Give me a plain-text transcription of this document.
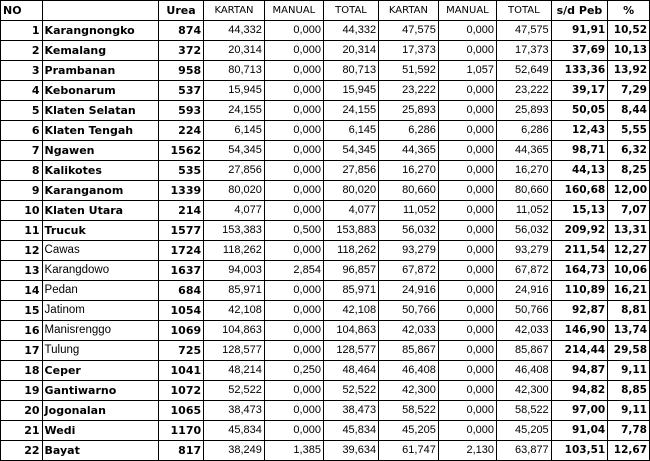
NO		Urea	KARTAN	MANUAL	TOTAL	KARTAN	MANUAL	TOTAL	s/d Peb	%
1	Karangnongko	874	44,332	0,000	44,332	47,575	0,000	47,575	91,91	10,52
2	Kemalang	372	20,314	0,000	20,314	17,373	0,000	17,373	37,69	10,13
3	Prambanan	958	80,713	0,000	80,713	51,592	1,057	52,649	133,36	13,92
4	Kebonarum	537	15,945	0,000	15,945	23,222	0,000	23,222	39,17	7,29
5	Klaten Selatan	593	24,155	0,000	24,155	25,893	0,000	25,893	50,05	8,44
6	Klaten Tengah	224	6,145	0,000	6,145	6,286	0,000	6,286	12,43	5,55
7	Ngawen	1562	54,345	0,000	54,345	44,365	0,000	44,365	98,71	6,32
8	Kalikotes	535	27,856	0,000	27,856	16,270	0,000	16,270	44,13	8,25
9	Karanganom	1339	80,020	0,000	80,020	80,660	0,000	80,660	160,68	12,00
10	Klaten Utara	214	4,077	0,000	4,077	11,052	0,000	11,052	15,13	7,07
11	Trucuk	1577	153,383	0,500	153,883	56,032	0,000	56,032	209,92	13,31
12	Cawas	1724	118,262	0,000	118,262	93,279	0,000	93,279	211,54	12,27
13	Karangdowo	1637	94,003	2,854	96,857	67,872	0,000	67,872	164,73	10,06
14	Pedan	684	85,971	0,000	85,971	24,916	0,000	24,916	110,89	16,21
15	Jatinom	1054	42,108	0,000	42,108	50,766	0,000	50,766	92,87	8,81
16	Manisrenggo	1069	104,863	0,000	104,863	42,033	0,000	42,033	146,90	13,74
17	Tulung	725	128,577	0,000	128,577	85,867	0,000	85,867	214,44	29,58
18	Ceper	1041	48,214	0,250	48,464	46,408	0,000	46,408	94,87	9,11
19	Gantiwarno	1072	52,522	0,000	52,522	42,300	0,000	42,300	94,82	8,85
20	Jogonalan	1065	38,473	0,000	38,473	58,522	0,000	58,522	97,00	9,11
21	Wedi	1170	45,834	0,000	45,834	45,205	0,000	45,205	91,04	7,78
22	Bayat	817	38,249	1,385	39,634	61,747	2,130	63,877	103,51	12,67
